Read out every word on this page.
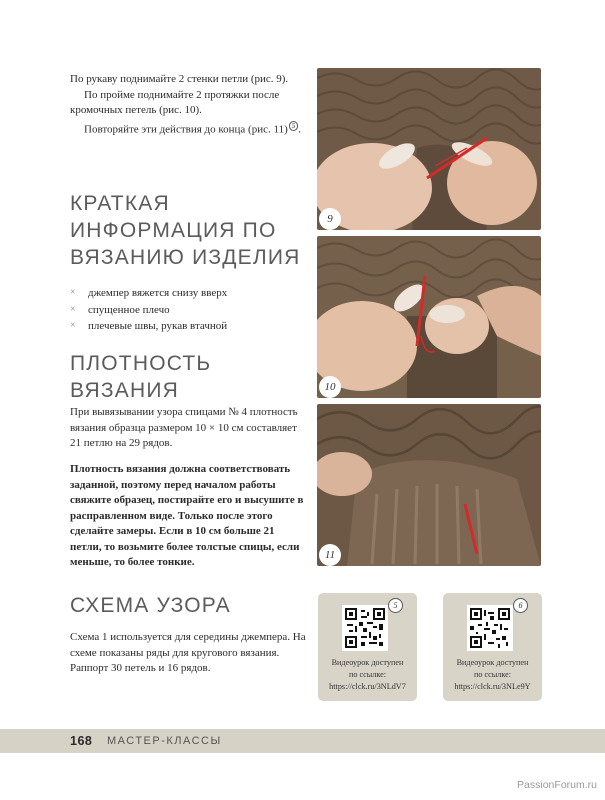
По рукаву поднимайте 2 стенки петли (рис. 9).

По пройме поднимайте 2 протяжки после кромочных петель (рис. 10).

Повторяйте эти действия до конца (рис. 11) $^5$ .

КРАТКАЯ ИНФОРМАЦИЯ ПО ВЯЗАНИЮ ИЗДЕЛИЯ
× джемпер вяжется снизу вверх
× спущенное плечо
× плечевые швы, рукав втачной
ПЛОТНОСТЬ ВЯЗАНИЯ

При вывязывании узора спицами № 4 плотность вязания образца размером 10 × 10 см составляет 21 петлю на 29 рядов.

Плотность вязания должна соответствовать заданной, поэтому перед началом работы свяжите образец, постирайте его и высушите в расправленном виде. Только после этого сделайте замеры. Если в 10 см больше 21 петли, то возьмите более толстые спицы, если меньше, то более тонкие.

СХЕМА УЗОРА

Схема 1 используется для середины джемпера. На схеме показаны ряды для кругового вязания. Раппорт 30 петель и 16 рядов.

9
10
11
5
Видеоурок доступен
по ссылке:
https://clck.ru/3NLdV7
6
Видеоурок доступен
по ссылке:
https://clck.ru/3NLe9Y
168 МАСТЕР-КЛАССЫ
PassionForum.ru
